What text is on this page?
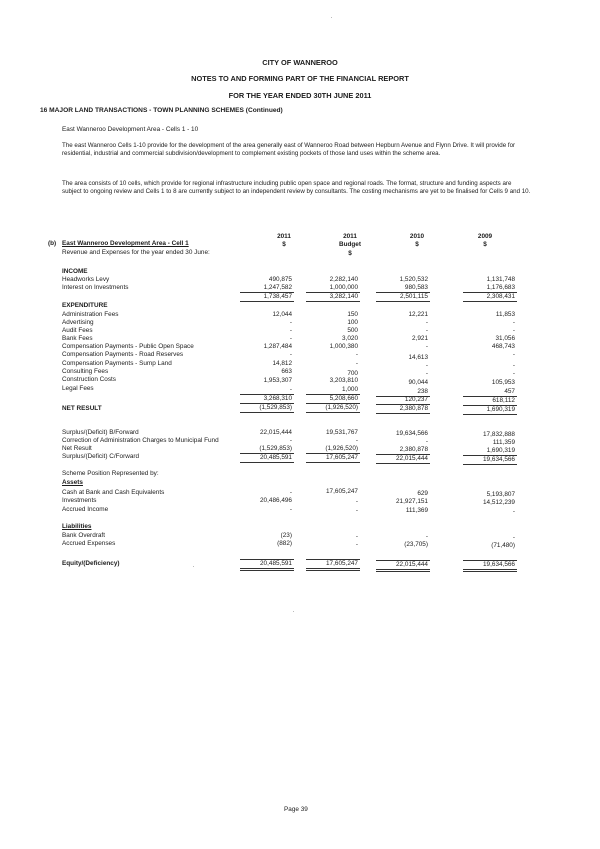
CITY OF WANNEROO
NOTES TO AND FORMING PART OF THE FINANCIAL REPORT
FOR THE YEAR ENDED 30TH JUNE 2011
16 MAJOR LAND TRANSACTIONS - TOWN PLANNING SCHEMES (Continued)
East Wanneroo Development Area - Cells 1 - 10
The east Wanneroo Cells 1-10 provide for the development of the area generally east of Wanneroo Road between Hepburn Avenue and Flynn Drive. It will provide for residential, industrial and commercial subdivision/development to complement existing pockets of those land uses within the scheme area.
The area consists of 10 cells, which provide for regional infrastructure including public open space and regional roads. The format, structure and funding aspects are subject to ongoing review and Cells 1 to 8 are currently subject to an independent review by consultants. The costing mechanisms are yet to be finalised for Cells 9 and 10.
(b) East Wanneroo Development Area - Cell 1
Revenue and Expenses for the year ended 30 June:
2011
$
2011
Budget
$
2010
$
2009
$
INCOME
Headworks Levy	490,875	2,282,140	1,520,532	1,131,748
Interest on Investments	1,247,582	1,000,000	980,583	1,176,683
1,738,457	3,282,140	2,501,115	2,308,431
EXPENDITURE
Administration Fees	12,044	150	12,221	11,853
Advertising	-	100	-	-
Audit Fees	-	500	-	-
Bank Fees	-	3,020	2,921	31,056
Compensation Payments - Public Open Space	1,287,484	1,000,380	-	468,743
Compensation Payments - Road Reserves	-	-	14,613	-
Compensation Payments - Sump Land	14,812	-	-	-
Consulting Fees	663	700	-	-
Construction Costs	1,953,307	3,203,810	90,044	105,953
Legal Fees	-	1,000	238	457
3,268,310	5,208,660	120,237	618,112
NET RESULT	(1,529,853)	(1,926,520)	2,380,878	1,690,319
Surplus/(Deficit) B/Forward	22,015,444	19,531,767	19,634,566	17,832,888
Correction of Administration Charges to Municipal Fund	-	-	-	111,359
Net Result	(1,529,853)	(1,926,520)	2,380,878	1,690,319
Surplus/(Deficit) C/Forward	20,485,591	17,605,247	22,015,444	19,634,566
Scheme Position Represented by:
Assets
Cash at Bank and Cash Equivalents	-	17,605,247	629	5,193,807
Investments	20,486,496	-	21,927,151	14,512,239
Accrued Income	-	-	111,369	-
Liabilities
Bank Overdraft	(23)	-	-	-
Accrued Expenses	(882)	-	(23,705)	(71,480)
Equity/(Deficiency)	20,485,591	17,605,247	22,015,444	19,634,566
Page 39
